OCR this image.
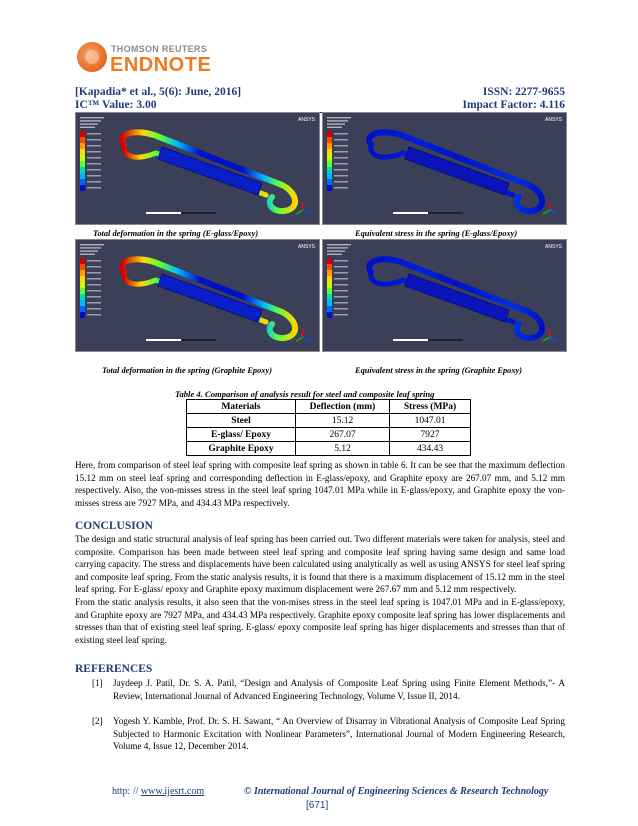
THOMSON REUTERS
ENDNOTE
[Kapadia* et al., 5(6): June, 2016]	ISSN: 2277-9655
IC™ Value: 3.00	Impact Factor: 4.116
ANSYS	ANSYS
Total deformation in the spring (E-glass/Epoxy)	Equivalent stress in the spring (E-glass/Epoxy)
ANSYS	ANSYS
Total deformation in the spring (Graphite Epoxy)	Equivalent stress in the spring (Graphite Epoxy)
Table 4. Comparison of analysis result for steel and composite leaf spring
Materials	Deflection (mm)	Stress (MPa)
Steel	15.12	1047.01
E-glass/ Epoxy	267.07	7927
Graphite Epoxy	5.12	434.43
Here, from comparison of steel leaf spring with composite leaf spring as shown in table 6. It can be see that the maximum deflection 15.12 mm on steel leaf spring and corresponding deflection in E-glass/epoxy, and Graphite epoxy are 267.07 mm, and 5.12 mm respectively. Also, the von-misses stress in the steel leaf spring 1047.01 MPa while in E-glass/epoxy, and Graphite epoxy the von-misses stress are 7927 MPa, and 434.43 MPa respectively.
CONCLUSION
The design and static structural analysis of leaf spring has been carried out. Two different materials were taken for analysis, steel and composite. Comparison has been made between steel leaf spring and composite leaf spring having same design and same load carrying capacity. The stress and displacements have been calculated using analytically as well as using ANSYS for steel leaf spring and composite leaf spring. From the static analysis results, it is found that there is a maximum displacement of 15.12 mm in the steel leaf spring. For E-glass/ epoxy and Graphite epoxy maximum displacement were 267.67 mm and 5.12 mm respectively.
From the static analysis results, it also seen that the von-mises stress in the steel leaf spring is 1047.01 MPa and in E-glass/epoxy, and Graphite epoxy are 7927 MPa, and 434.43 MPa respectively. Graphite epoxy composite leaf spring has lower displacements and stresses than that of existing steel leaf spring. E-glass/ epoxy composite leaf spring has higer displacements and stresses than that of existing steel leaf spring.
REFERENCES
[1] Jaydeep J. Patil, Dr. S. A. Patil, “Design and Analysis of Composite Leaf Spring using Finite Element Methods,”- A Review, International Journal of Advanced Engineering Technology, Volume V, Issue II, 2014.
[2] Yogesh Y. Kamble, Prof. Dr. S. H. Sawant, “ An Overview of Disarray in Vibrational Analysis of Composite Leaf Spring Subjected to Harmonic Excitation with Nonlinear Parameters”, International Journal of Modern Engineering Research, Volume 4, Issue 12, December 2014.
http: // www.ijesrt.com	© International Journal of Engineering Sciences & Research Technology
[671]
